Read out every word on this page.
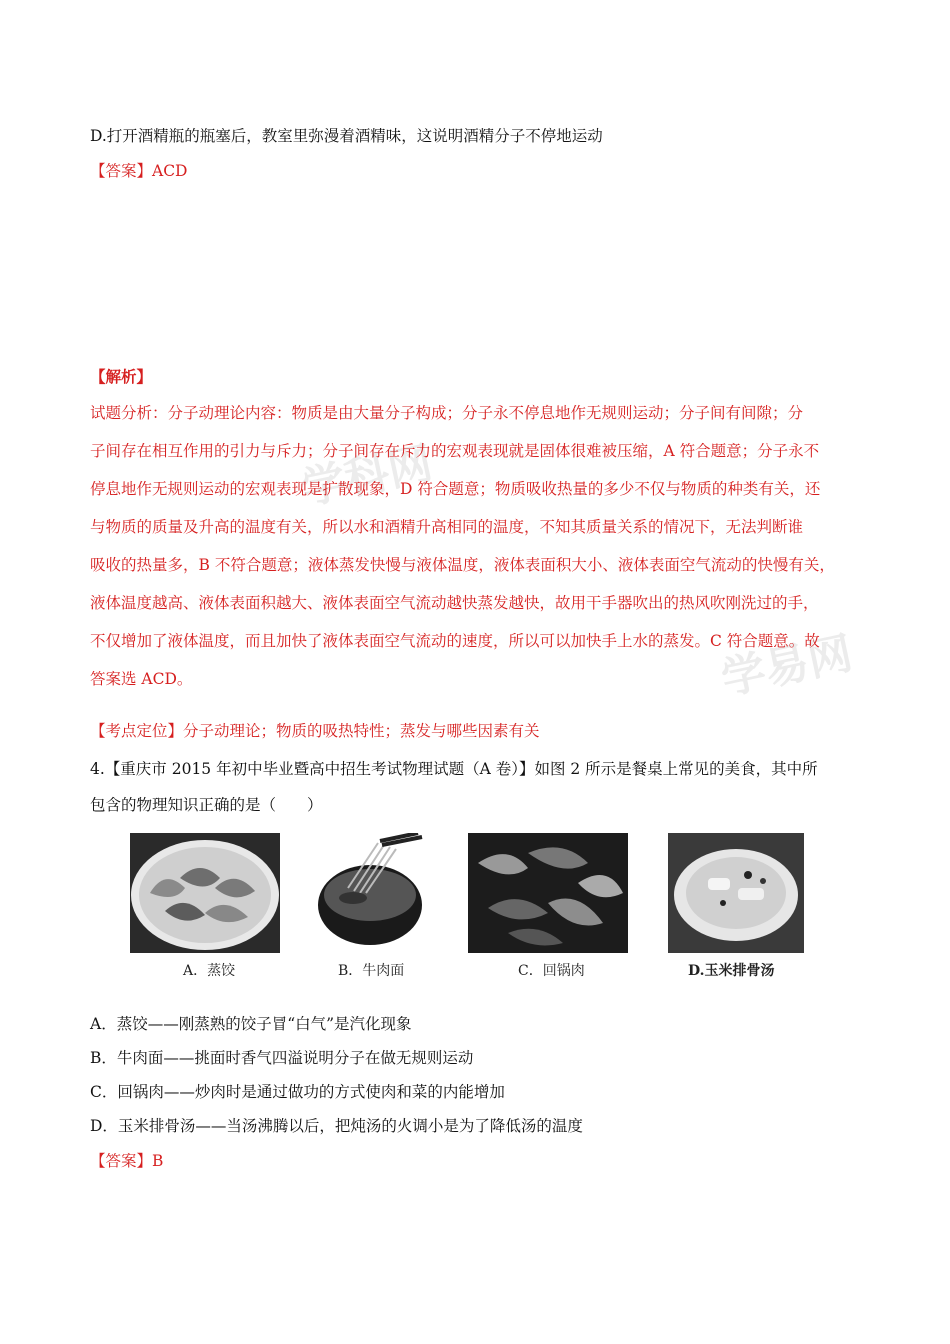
D.打开酒精瓶的瓶塞后，教室里弥漫着酒精味，这说明酒精分子不停地运动
【答案】ACD
【解析】
学科网
学易网
试题分析：分子动理论内容：物质是由大量分子构成；分子永不停息地作无规则运动；分子间有间隙；分
子间存在相互作用的引力与斥力；分子间存在斥力的宏观表现就是固体很难被压缩，A 符合题意；分子永不
停息地作无规则运动的宏观表现是扩散现象，D 符合题意；物质吸收热量的多少不仅与物质的种类有关，还
与物质的质量及升高的温度有关，所以水和酒精升高相同的温度，不知其质量关系的情况下，无法判断谁
吸收的热量多，B 不符合题意；液体蒸发快慢与液体温度，液体表面积大小、液体表面空气流动的快慢有关，
液体温度越高、液体表面积越大、液体表面空气流动越快蒸发越快，故用干手器吹出的热风吹刚洗过的手，
不仅增加了液体温度，而且加快了液体表面空气流动的速度，所以可以加快手上水的蒸发。C 符合题意。故
答案选 ACD。
【考点定位】分子动理论；物质的吸热特性；蒸发与哪些因素有关
4.【重庆市 2015 年初中毕业暨高中招生考试物理试题（A 卷）】如图 2 所示是餐桌上常见的美食，其中所
包含的物理知识正确的是（　　）
A．蒸饺	B．牛肉面	C．回锅肉	D.玉米排骨汤
A．蒸饺——刚蒸熟的饺子冒“白气”是汽化现象
B．牛肉面——挑面时香气四溢说明分子在做无规则运动
C．回锅肉——炒肉时是通过做功的方式使肉和菜的内能增加
D．玉米排骨汤——当汤沸腾以后，把炖汤的火调小是为了降低汤的温度
【答案】B
